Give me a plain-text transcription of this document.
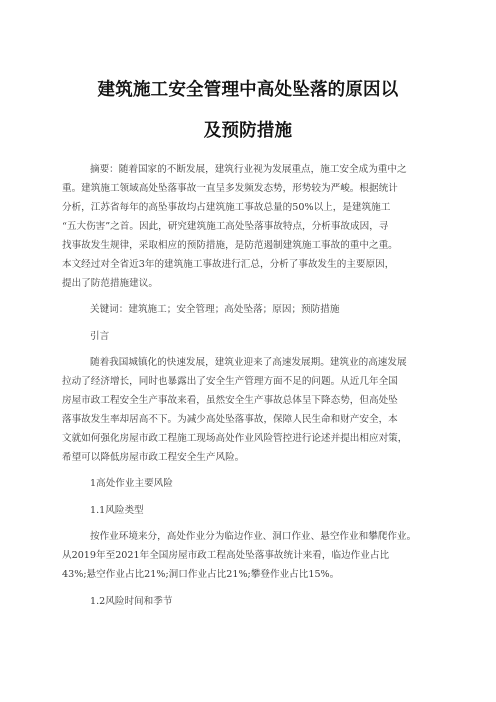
建筑施工安全管理中高处坠落的原因以
及预防措施
摘要：随着国家的不断发展，建筑行业视为发展重点，施工安全成为重中之
重。建筑施工领域高处坠落事故一直呈多发频发态势，形势较为严峻。根据统计
分析，江苏省每年的高坠事故均占建筑施工事故总量的50%以上，是建筑施工
“五大伤害”之首。因此，研究建筑施工高处坠落事故特点，分析事故成因，寻
找事故发生规律，采取相应的预防措施，是防范遏制建筑施工事故的重中之重。
本文经过对全省近3年的建筑施工事故进行汇总，分析了事故发生的主要原因，
提出了防范措施建议。
关键词：建筑施工；安全管理；高处坠落；原因；预防措施
引言
随着我国城镇化的快速发展，建筑业迎来了高速发展期。建筑业的高速发展
拉动了经济增长，同时也暴露出了安全生产管理方面不足的问题。从近几年全国
房屋市政工程安全生产事故来看，虽然安全生产事故总体呈下降态势，但高处坠
落事故发生率却居高不下。为减少高处坠落事故，保障人民生命和财产安全，本
文就如何强化房屋市政工程施工现场高处作业风险管控进行论述并提出相应对策，
希望可以降低房屋市政工程安全生产风险。
1高处作业主要风险
1.1风险类型
按作业环境来分，高处作业分为临边作业、洞口作业、悬空作业和攀爬作业。
从2019年至2021年全国房屋市政工程高处坠落事故统计来看，临边作业占比
43%;悬空作业占比21%;洞口作业占比21%;攀登作业占比15%。
1.2风险时间和季节
